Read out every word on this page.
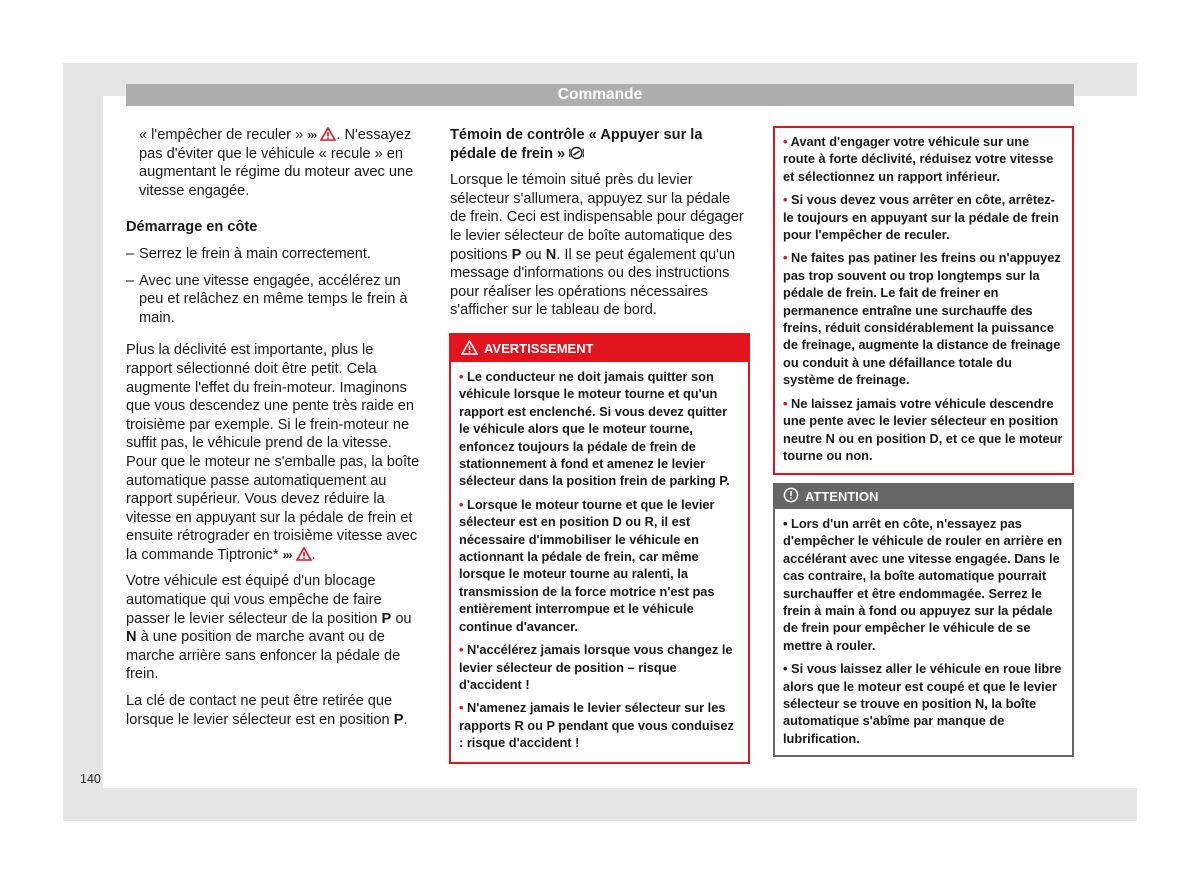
Commande

« l'empêcher de reculer » ››› . N'essayez pas d'éviter que le véhicule « recule » en augmentant le régime du moteur avec une vitesse engagée.

Démarrage en côte

– Serrez le frein à main correctement.

– Avec une vitesse engagée, accélérez un peu et relâchez en même temps le frein à main.

Plus la déclivité est importante, plus le rapport sélectionné doit être petit. Cela augmente l'effet du frein-moteur. Imaginons que vous descendez une pente très raide en troisième par exemple. Si le frein-moteur ne suffit pas, le véhicule prend de la vitesse. Pour que le moteur ne s'emballe pas, la boîte automatique passe automatiquement au rapport supérieur. Vous devez réduire la vitesse en appuyant sur la pédale de frein et ensuite rétrograder en troisième vitesse avec la commande Tiptronic* ››› .

Votre véhicule est équipé d'un blocage automatique qui vous empêche de faire passer le levier sélecteur de la position P ou N à une position de marche avant ou de marche arrière sans enfoncer la pédale de frein.

La clé de contact ne peut être retirée que lorsque le levier sélecteur est en position P.

Témoin de contrôle « Appuyer sur la pédale de frein »

Lorsque le témoin situé près du levier sélecteur s'allumera, appuyez sur la pédale de frein. Ceci est indispensable pour dégager le levier sélecteur de boîte automatique des positions P ou N. Il se peut également qu'un message d'informations ou des instructions pour réaliser les opérations nécessaires s'afficher sur le tableau de bord.

AVERTISSEMENT

• Le conducteur ne doit jamais quitter son véhicule lorsque le moteur tourne et qu'un rapport est enclenché. Si vous devez quitter le véhicule alors que le moteur tourne, enfoncez toujours la pédale de frein de stationnement à fond et amenez le levier sélecteur dans la position frein de parking P.

• Lorsque le moteur tourne et que le levier sélecteur est en position D ou R, il est nécessaire d'immobiliser le véhicule en actionnant la pédale de frein, car même lorsque le moteur tourne au ralenti, la transmission de la force motrice n'est pas entièrement interrompue et le véhicule continue d'avancer.

• N'accélérez jamais lorsque vous changez le levier sélecteur de position – risque d'accident !

• N'amenez jamais le levier sélecteur sur les rapports R ou P pendant que vous conduisez : risque d'accident !

• Avant d'engager votre véhicule sur une route à forte déclivité, réduisez votre vitesse et sélectionnez un rapport inférieur.

• Si vous devez vous arrêter en côte, arrêtez-le toujours en appuyant sur la pédale de frein pour l'empêcher de reculer.

• Ne faites pas patiner les freins ou n'appuyez pas trop souvent ou trop longtemps sur la pédale de frein. Le fait de freiner en permanence entraîne une surchauffe des freins, réduit considérablement la puissance de freinage, augmente la distance de freinage ou conduit à une défaillance totale du système de freinage.

• Ne laissez jamais votre véhicule descendre une pente avec le levier sélecteur en position neutre N ou en position D, et ce que le moteur tourne ou non.

ATTENTION

• Lors d'un arrêt en côte, n'essayez pas d'empêcher le véhicule de rouler en arrière en accélérant avec une vitesse engagée. Dans le cas contraire, la boîte automatique pourrait surchauffer et être endommagée. Serrez le frein à main à fond ou appuyez sur la pédale de frein pour empêcher le véhicule de se mettre à rouler.

• Si vous laissez aller le véhicule en roue libre alors que le moteur est coupé et que le levier sélecteur se trouve en position N, la boîte automatique s'abîme par manque de lubrification.

140
